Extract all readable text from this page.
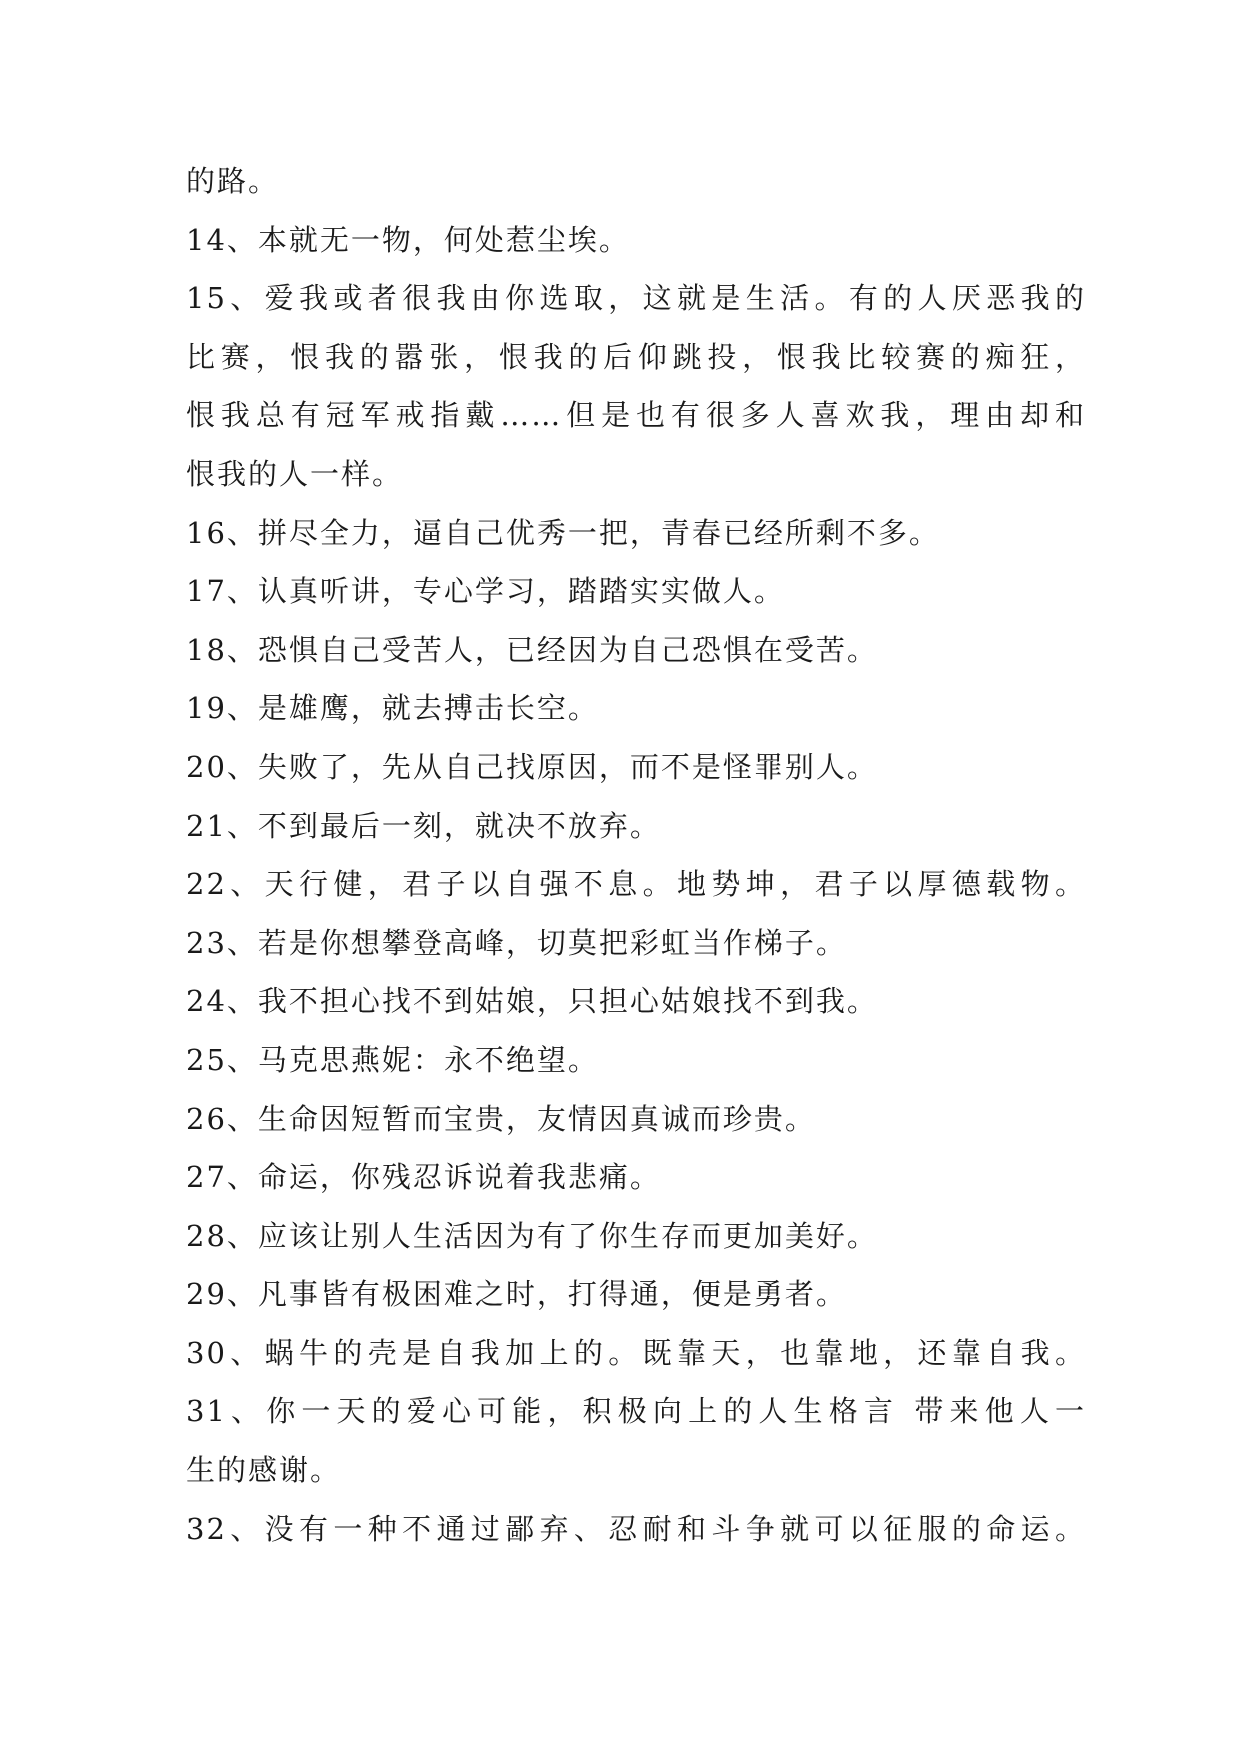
的路。
14、本就无一物，何处惹尘埃。
15、爱我或者很我由你选取，这就是生活。有的人厌恶我的
比赛，恨我的嚣张，恨我的后仰跳投，恨我比较赛的痴狂，
恨我总有冠军戒指戴……但是也有很多人喜欢我，理由却和
恨我的人一样。
16、拼尽全力，逼自己优秀一把，青春已经所剩不多。
17、认真听讲，专心学习，踏踏实实做人。
18、恐惧自己受苦人，已经因为自己恐惧在受苦。
19、是雄鹰，就去搏击长空。
20、失败了，先从自己找原因，而不是怪罪别人。
21、不到最后一刻，就决不放弃。
22、天行健，君子以自强不息。地势坤，君子以厚德载物。
23、若是你想攀登高峰，切莫把彩虹当作梯子。
24、我不担心找不到姑娘，只担心姑娘找不到我。
25、马克思燕妮：永不绝望。
26、生命因短暂而宝贵，友情因真诚而珍贵。
27、命运，你残忍诉说着我悲痛。
28、应该让别人生活因为有了你生存而更加美好。
29、凡事皆有极困难之时，打得通，便是勇者。
30、蜗牛的壳是自我加上的。既靠天，也靠地，还靠自我。
31、你一天的爱心可能，积极向上的人生格言 带来他人一
生的感谢。
32、没有一种不通过鄙弃、忍耐和斗争就可以征服的命运。
